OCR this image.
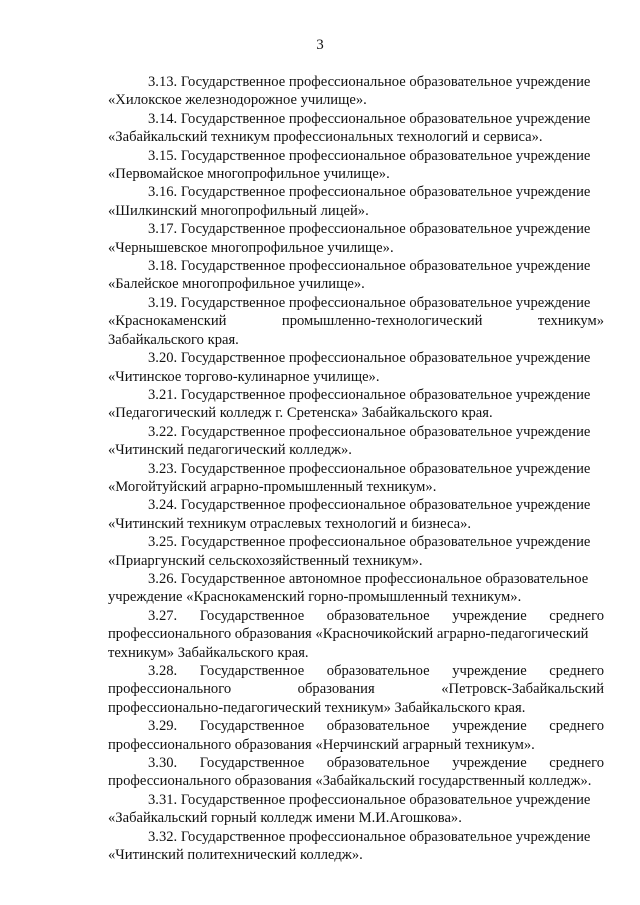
3

3.13. Государственное профессиональное образовательное учреждение

«Хилокское железнодорожное училище».

3.14. Государственное профессиональное образовательное учреждение

«Забайкальский техникум профессиональных технологий и сервиса».

3.15. Государственное профессиональное образовательное учреждение

«Первомайское многопрофильное училище».

3.16. Государственное профессиональное образовательное учреждение

«Шилкинский многопрофильный лицей».

3.17. Государственное профессиональное образовательное учреждение

«Чернышевское многопрофильное училище».

3.18. Государственное профессиональное образовательное учреждение

«Балейское многопрофильное училище».

3.19. Государственное профессиональное образовательное учреждение

«Краснокаменский промышленно-технологический техникум»

Забайкальского края.

3.20. Государственное профессиональное образовательное учреждение

«Читинское торгово-кулинарное училище».

3.21. Государственное профессиональное образовательное учреждение

«Педагогический колледж г. Сретенска» Забайкальского края.

3.22. Государственное профессиональное образовательное учреждение

«Читинский педагогический колледж».

3.23. Государственное профессиональное образовательное учреждение

«Могойтуйский аграрно-промышленный техникум».

3.24. Государственное профессиональное образовательное учреждение

«Читинский техникум отраслевых технологий и бизнеса».

3.25. Государственное профессиональное образовательное учреждение

«Приаргунский сельскохозяйственный техникум».

3.26. Государственное автономное профессиональное образовательное

учреждение «Краснокаменский горно-промышленный техникум».

3.27. Государственное образовательное учреждение среднего

профессионального образования «Красночикойский аграрно-педагогический

техникум» Забайкальского края.

3.28. Государственное образовательное учреждение среднего

профессионального образования «Петровск-Забайкальский

профессионально-педагогический техникум» Забайкальского края.

3.29. Государственное образовательное учреждение среднего

профессионального образования «Нерчинский аграрный техникум».

3.30. Государственное образовательное учреждение среднего

профессионального образования «Забайкальский государственный колледж».

3.31. Государственное профессиональное образовательное учреждение

«Забайкальский горный колледж имени М.И.Агошкова».

3.32. Государственное профессиональное образовательное учреждение

«Читинский политехнический колледж».
